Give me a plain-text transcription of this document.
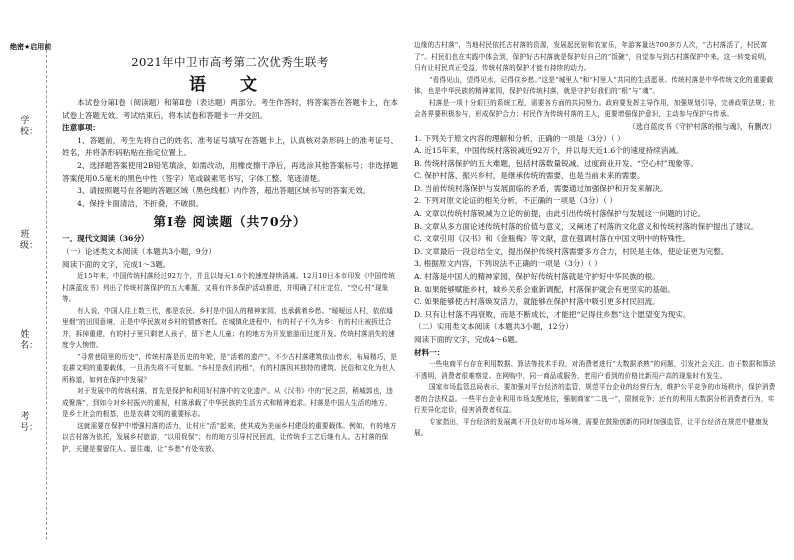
学校：
班级：
姓名：
考号：
绝密★启用前
2021年中卫市高考第二次优秀生联考
语 文

本试卷分第Ⅰ卷（阅读题）和第Ⅱ卷（表达题）两部分。考生作答时，将答案答在答题卡上，在本试卷上答题无效。考试结束后，将本试卷和答题卡一并交回。

注意事项：

1、答题前，考生先将自己的姓名、准考证号填写在答题卡上，认真核对条形码上的准考证号、姓名，并将条形码粘贴在指定位置上。

2、选择题答案使用2B铅笔填涂，如需改动，用橡皮擦干净后，再选涂其他答案标号；非选择题答案使用0.5毫米的黑色中性（签字）笔或碳素笔书写，字体工整、笔迹清楚。

3、请按照题号在各题的答题区域（黑色线框）内作答，超出答题区域书写的答案无效。

4、保持卡面清洁，不折叠，不破损。

第Ⅰ卷 阅读题（共70分）

一、现代文阅读（36分）

（一）论述类文本阅读（本题共3小题，9分）

阅读下面的文字，完成1～3题。

近15年来，中国传统村落经过92万个，并且以每天1.6个的速度持续消减。12月10日本市印发《中国传统村落蓝皮书》列出了传统村落保护的五大难题，又将有许多保护活动推进，并明确了村庄定位，“空心村”现象等。

有人说，中国人往上数三代，都是农民。乡村是中国人的精神家园，也承载着乡愁。“暧暧远人村，依依墟里烟”的田园意境，正是中华民族对乡村的情感寄托。在城镇化进程中，有的村子不久为乡：有的村庄被拆迁合并，拆掉重建，有的村子里只剩老人孩子，留下老人儿童；有的地方为开发旅游而过度开发。传统村落消失的速度令人惋惜。

“寻常巷陌里的历史”，传统村落是历史的年轮，是“活着的遗产”。不少古村落建筑依山傍水，布局精巧，是农耕文明的重要载体，一旦消失将不可复制。“乡村是我们的根”，有的村落因其独特的建筑、民俗和文化为世人所称道，如何在保护中发展？

对于发展中的传统村落，首先是保护和利用好村落中的文化遗产。从《汉书》中的“民之居，稍城郭也，违成聚落”，到如今对乡村振兴的重视，村落承载了中华民族的生活方式和精神追求。村落是中国人生活的地方，是乡土社会的根基，也是农耕文明的重要标志。

这就需要在保护中增强村落的活力，让村庄“活”起来，使其成为美丽乡村建设的重要载体。例如，有的地方以古村落为依托，发展乡村旅游，“以用促保”；有的地方引导村民回流，让传统手工艺后继有人。古村落的保护，关键是要留住人、留住魂，让“乡愁”有处安放。

边缘的古村落”，当地村民依托古村落的资源，发展起民宿和农家乐，年游客量达700多万人次，“古村落活了，村民富了”。村民们也在实践中体会到，保护好古村落就是保护好自己的“饭碗”，自觉参与到古村落保护中来。这一转变说明，只有让村民真正受益，传统村落的保护才能有持续的动力。

“看得见山，望得见水，记得住乡愁。”这是“城里人”和“村里人”共同的生活愿景。传统村落是中华传统文化的重要载体，也是中华民族的精神家园，保护好传统村落，就是守护好我们的“根”与“魂”。

村落是一项十分艰巨的系统工程，需要各方面的共同努力。政府要发挥主导作用，加强规划引导，完善政策法规；社会各界要积极参与，形成保护合力；村民作为传统村落的主人，更要增强保护意识，主动参与保护与传承。

（选自蓝皮书《守护村落的根与魂》，有删改）

1. 下列关于原文内容的理解和分析，正确的一项是（3分）（ ）

A. 近15年来，中国传统村落锐减近92万个，并以每天近1.6个的速度持续消减。

B. 传统村落保护的五大难题，包括村落数量锐减、过度商业开发、“空心村”现象等。

C. 保护村落、振兴乡村，是继承传统的需要，也是当前未来的需要。

D. 当前传统村落保护与发展面临的矛盾，需要通过加强保护和开发来解决。

2. 下列对原文论证的相关分析，不正确的一项是（3分）（ ）

A. 文章以传统村落锐减为立论的前提，由此引出传统村落保护与发展这一问题的讨论。

B. 文章从多方面论述传统村落的价值与意义，又阐述了村落的文化意义和传统村落的保护提出了建议。

C. 文章引用《汉书》和《金瓶梅》等文献，意在强调村落在中国文明中的特殊性。

D. 文章最后一段总结全文，提出保护传统村落需要多方合力，村民是主体，使论证更为完整。

3. 根据原文内容，下列说法不正确的一项是（3分）（ ）

A. 村落是中国人的精神家园，保护好传统村落就是守护好中华民族的根。

B. 如果能够赋能乡村，城乡关系会重新调配，村落保护就会有更坚实的基础。

C. 如果能够使古村落焕发活力，就能够在保护村落中吸引更多村民回流。

D. 只有让村落不再衰败，而是不断成长，才能把“记得住乡愁”这个愿望变为现实。

（二）实用类文本阅读（本题共3小题，12分）

阅读下面的文字，完成4～6题。

材料一：

一些电商平台存在利用数据、算法等技术手段，对消费者进行“大数据杀熟”的问题，引发社会关注。由于数据和算法不透明，消费者很难察觉。在网购中，同一商品或服务，老用户看到的价格比新用户高的现象时有发生。

国家市场监管总局表示，要加强对平台经济的监管，规范平台企业的经营行为，维护公平竞争的市场秩序，保护消费者的合法权益。一些平台企业利用市场支配地位，强制商家“二选一”，限制竞争；还有的利用大数据分析消费者行为，实行差异化定价，侵害消费者权益。

专家指出，平台经济的发展离不开良好的市场环境，需要在鼓励创新的同时加强监管，让平台经济在规范中健康发展。
